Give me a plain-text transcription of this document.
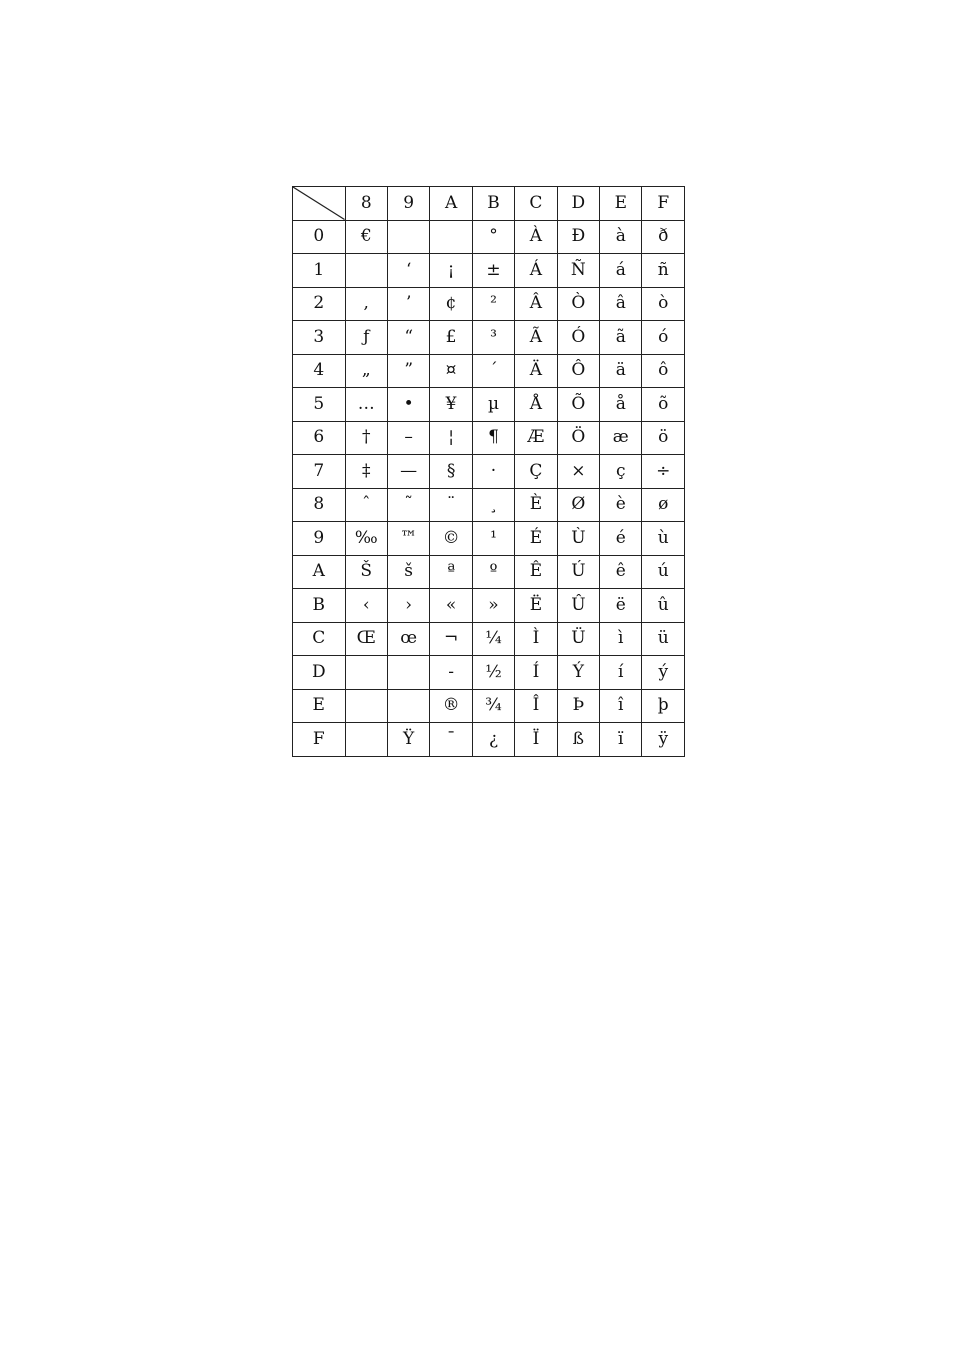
	8	9	A	B	C	D	E	F
0	€			°	À	Đ	à	ð
1		‘	¡	±	Á	Ñ	á	ñ
2	,	’	¢	²	Â	Ò	â	ò
3	ƒ	“	£	³	Ã	Ó	ã	ó
4	„	”	¤	´	Ä	Ô	ä	ô
5	…	•	¥	µ	Å	Õ	å	õ
6	†	–	¦	¶	Æ	Ö	æ	ö
7	‡	—	§	·	Ç	×	ç	÷
8	ˆ	˜	¨	¸	È	Ø	è	ø
9	‰	™	©	¹	É	Ù	é	ù
A	Š	š	ª	º	Ê	Ú	ê	ú
B	‹	›	«	»	Ë	Û	ë	û
C	Œ	œ	¬	¼	Ì	Ü	ì	ü
D			-	½	Í	Ý	í	ý
E			®	¾	Î	Þ	î	þ
F		Ÿ	¯	¿	Ï	ß	ï	ÿ
